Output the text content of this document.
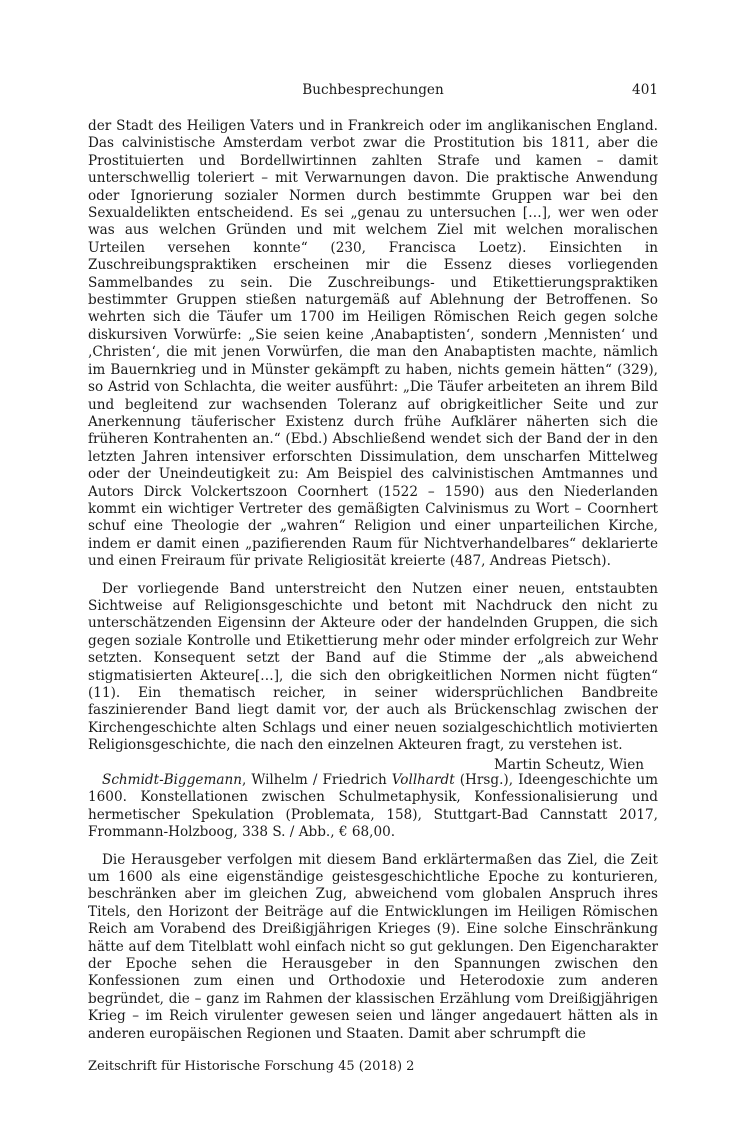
Buchbesprechungen	401

der Stadt des Heiligen Vaters und in Frankreich oder im anglikanischen England. Das calvinistische Amsterdam verbot zwar die Prostitution bis 1811, aber die Prostituierten und Bordellwirtinnen zahlten Strafe und kamen – damit unterschwellig toleriert – mit Verwarnungen davon. Die praktische Anwendung oder Ignorierung sozialer Normen durch bestimmte Gruppen war bei den Sexualdelikten entscheidend. Es sei „genau zu untersuchen […], wer wen oder was aus welchen Gründen und mit welchem Ziel mit welchen moralischen Urteilen versehen konnte“ (230, Francisca Loetz). Einsichten in Zuschreibungspraktiken erscheinen mir die Essenz dieses vorliegenden Sammelbandes zu sein. Die Zuschreibungs- und Etikettierungspraktiken bestimmter Gruppen stießen naturgemäß auf Ablehnung der Betroffenen. So wehrten sich die Täufer um 1700 im Heiligen Römischen Reich gegen solche diskursiven Vorwürfe: „Sie seien keine ‚Anabaptisten‘, sondern ‚Mennisten‘ und ‚Christen‘, die mit jenen Vorwürfen, die man den Anabaptisten machte, nämlich im Bauernkrieg und in Münster gekämpft zu haben, nichts gemein hätten“ (329), so Astrid von Schlachta, die weiter ausführt: „Die Täufer arbeiteten an ihrem Bild und begleitend zur wachsenden Toleranz auf obrigkeitlicher Seite und zur Anerkennung täuferischer Existenz durch frühe Aufklärer näherten sich die früheren Kontrahenten an.“ (Ebd.) Abschließend wendet sich der Band der in den letzten Jahren intensiver erforschten Dissimulation, dem unscharfen Mittelweg oder der Uneindeutigkeit zu: Am Beispiel des calvinistischen Amtmannes und Autors Dirck Volckertszoon Coornhert (1522 – 1590) aus den Niederlanden kommt ein wichtiger Vertreter des gemäßigten Calvinismus zu Wort – Coornhert schuf eine Theologie der „wahren“ Religion und einer unparteilichen Kirche, indem er damit einen „pazifierenden Raum für Nichtverhandelbares“ deklarierte und einen Freiraum für private Religiosität kreierte (487, Andreas Pietsch).

Der vorliegende Band unterstreicht den Nutzen einer neuen, entstaubten Sichtweise auf Religionsgeschichte und betont mit Nachdruck den nicht zu unterschätzenden Eigensinn der Akteure oder der handelnden Gruppen, die sich gegen soziale Kontrolle und Etikettierung mehr oder minder erfolgreich zur Wehr setzten. Konsequent setzt der Band auf die Stimme der „als abweichend stigmatisierten Akteure[…], die sich den obrigkeitlichen Normen nicht fügten“ (11). Ein thematisch reicher, in seiner widersprüchlichen Bandbreite faszinierender Band liegt damit vor, der auch als Brückenschlag zwischen der Kirchengeschichte alten Schlags und einer neuen sozialgeschichtlich motivierten Religionsgeschichte, die nach den einzelnen Akteuren fragt, zu verstehen ist.

Martin Scheutz, Wien

Schmidt-Biggemann, Wilhelm / Friedrich Vollhardt (Hrsg.), Ideengeschichte um 1600. Konstellationen zwischen Schulmetaphysik, Konfessionalisierung und hermetischer Spekulation (Problemata, 158), Stuttgart-Bad Cannstatt 2017, Frommann-Holzboog, 338 S. / Abb., € 68,00.

Die Herausgeber verfolgen mit diesem Band erklärtermaßen das Ziel, die Zeit um 1600 als eine eigenständige geistesgeschichtliche Epoche zu konturieren, beschränken aber im gleichen Zug, abweichend vom globalen Anspruch ihres Titels, den Horizont der Beiträge auf die Entwicklungen im Heiligen Römischen Reich am Vorabend des Dreißigjährigen Krieges (9). Eine solche Einschränkung hätte auf dem Titelblatt wohl einfach nicht so gut geklungen. Den Eigencharakter der Epoche sehen die Herausgeber in den Spannungen zwischen den Konfessionen zum einen und Orthodoxie und Heterodoxie zum anderen begründet, die – ganz im Rahmen der klassischen Erzählung vom Dreißigjährigen Krieg – im Reich virulenter gewesen seien und länger angedauert hätten als in anderen europäischen Regionen und Staaten. Damit aber schrumpft die

Zeitschrift für Historische Forschung 45 (2018) 2
